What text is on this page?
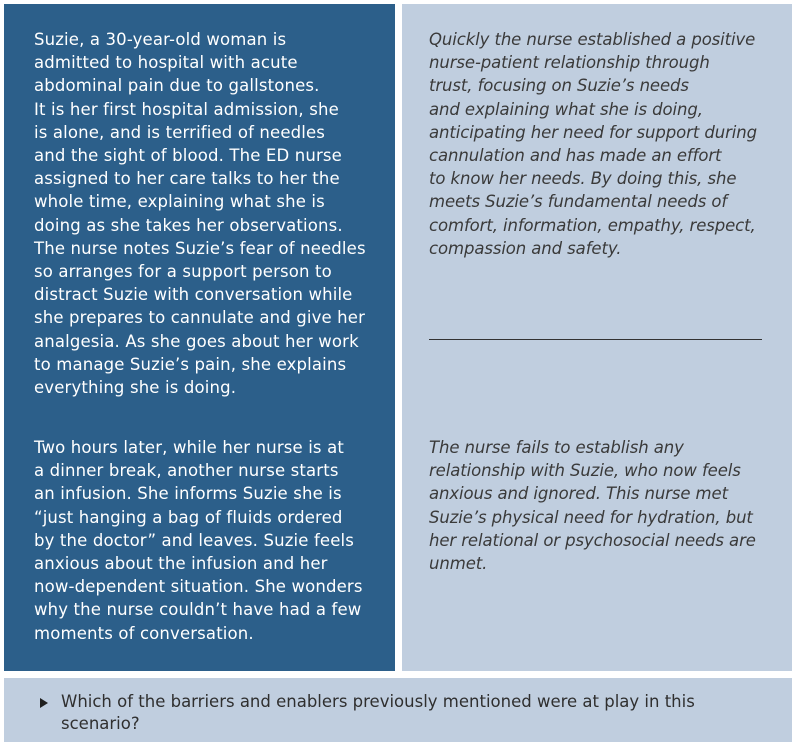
Suzie, a 30-year-old woman is
admitted to hospital with acute
abdominal pain due to gallstones.
It is her first hospital admission, she
is alone, and is terrified of needles
and the sight of blood. The ED nurse
assigned to her care talks to her the
whole time, explaining what she is
doing as she takes her observations.
The nurse notes Suzie’s fear of needles
so arranges for a support person to
distract Suzie with conversation while
she prepares to cannulate and give her
analgesia. As she goes about her work
to manage Suzie’s pain, she explains
everything she is doing.

Two hours later, while her nurse is at
a dinner break, another nurse starts
an infusion. She informs Suzie she is
“just hanging a bag of fluids ordered
by the doctor” and leaves. Suzie feels
anxious about the infusion and her
now-dependent situation. She wonders
why the nurse couldn’t have had a few
moments of conversation.

Quickly the nurse established a positive
nurse-patient relationship through
trust, focusing on Suzie’s needs
and explaining what she is doing,
anticipating her need for support during
cannulation and has made an effort
to know her needs. By doing this, she
meets Suzie’s fundamental needs of
comfort, information, empathy, respect,
compassion and safety.

The nurse fails to establish any
relationship with Suzie, who now feels
anxious and ignored. This nurse met
Suzie’s physical need for hydration, but
her relational or psychosocial needs are
unmet.

Which of the barriers and enablers previously mentioned were at play in this
scenario?
